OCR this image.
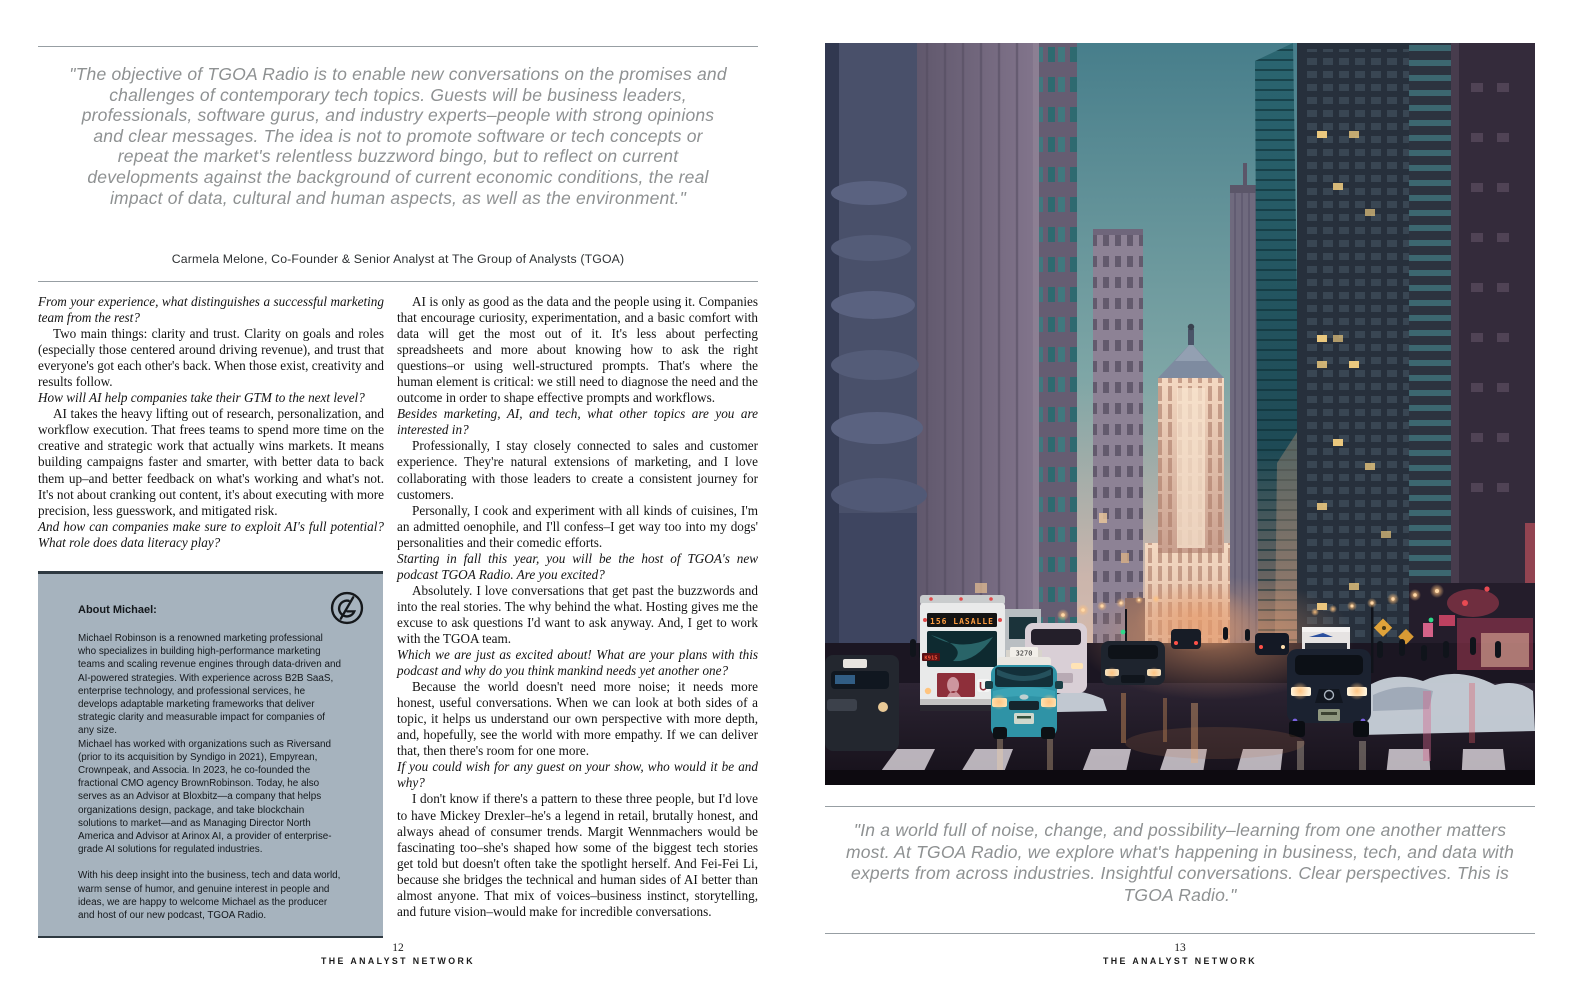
"The objective of TGOA Radio is to enable new conversations on the promises and challenges of contemporary tech topics. Guests will be business leaders, professionals, software gurus, and industry experts–people with strong opinions and clear messages. The idea is not to promote software or tech concepts or repeat the market's relentless buzzword bingo, but to reflect on current developments against the background of current economic conditions, the real impact of data, cultural and human aspects, as well as the environment."
Carmela Melone, Co-Founder & Senior Analyst at The Group of Analysts (TGOA)

From your experience, what distinguishes a successful marketing team from the rest?

Two main things: clarity and trust. Clarity on goals and roles (especially those centered around driving revenue), and trust that everyone's got each other's back. When those exist, creativity and results follow.

How will AI help companies take their GTM to the next level?

AI takes the heavy lifting out of research, personalization, and workflow execution. That frees teams to spend more time on the creative and strategic work that actually wins markets. It means building campaigns faster and smarter, with better data to back them up–and better feedback on what's working and what's not. It's not about cranking out content, it's about executing with more precision, less guesswork, and mitigated risk.

And how can companies make sure to exploit AI's full potential? What role does data literacy play?

AI is only as good as the data and the people using it. Companies that encourage curiosity, experimentation, and a basic comfort with data will get the most out of it. It's less about perfecting spreadsheets and more about knowing how to ask the right questions–or using well-structured prompts. That's where the human element is critical: we still need to diagnose the need and the outcome in order to shape effective prompts and workflows.

Besides marketing, AI, and tech, what other topics are you are interested in?

Professionally, I stay closely connected to sales and customer experience. They're natural extensions of marketing, and I love collaborating with those leaders to create a consistent journey for customers.

Personally, I cook and experiment with all kinds of cuisines, I'm an admitted oenophile, and I'll confess–I get way too into my dogs' personalities and their comedic efforts.

Starting in fall this year, you will be the host of TGOA's new podcast TGOA Radio. Are you excited?

Absolutely. I love conversations that get past the buzzwords and into the real stories. The why behind the what. Hosting gives me the excuse to ask questions I'd want to ask anyway. And, I get to work with the TGOA team.

Which we are just as excited about! What are your plans with this podcast and why do you think mankind needs yet another one?

Because the world doesn't need more noise; it needs more honest, useful conversations. When we can look at both sides of a topic, it helps us understand our own perspective with more depth, and, hopefully, see the world with more empathy. If we can deliver that, then there's room for one more.

If you could wish for any guest on your show, who would it be and why?

I don't know if there's a pattern to these three people, but I'd love to have Mickey Drexler–he's a legend in retail, brutally honest, and always ahead of consumer trends. Margit Wennmachers would be fascinating too–she's shaped how some of the biggest tech stories get told but doesn't often take the spotlight herself. And Fei-Fei Li, because she bridges the technical and human sides of AI better than almost anyone. That mix of voices–business instinct, storytelling, and future vision–would make for incredible conversations.

About Michael:

Michael Robinson is a renowned marketing professional who specializes in building high-performance marketing teams and scaling revenue engines through data-driven and AI-powered strategies. With experience across B2B SaaS, enterprise technology, and professional services, he develops adaptable marketing frameworks that deliver strategic clarity and measurable impact for companies of any size.

Michael has worked with organizations such as Riversand (prior to its acquisition by Syndigo in 2021), Empyrean, Crownpeak, and Associa. In 2023, he co-founded the fractional CMO agency BrownRobinson. Today, he also serves as an Advisor at Bloxbitz—a company that helps organizations design, package, and take blockchain solutions to market—and as Managing Director North America and Advisor at Arinox AI, a provider of enterprise-grade AI solutions for regulated industries.

With his deep insight into the business, tech and data world, warm sense of humor, and genuine interest in people and ideas, we are happy to welcome Michael as the producer and host of our new podcast, TGOA Radio.

12
THE ANALYST NETWORK
156 LASALLE
K915
3270
"In a world full of noise, change, and possibility–learning from one another matters most. At TGOA Radio, we explore what's happening in business, tech, and data with experts from across industries. Insightful conversations. Clear perspectives. This is TGOA Radio."
13
THE ANALYST NETWORK
